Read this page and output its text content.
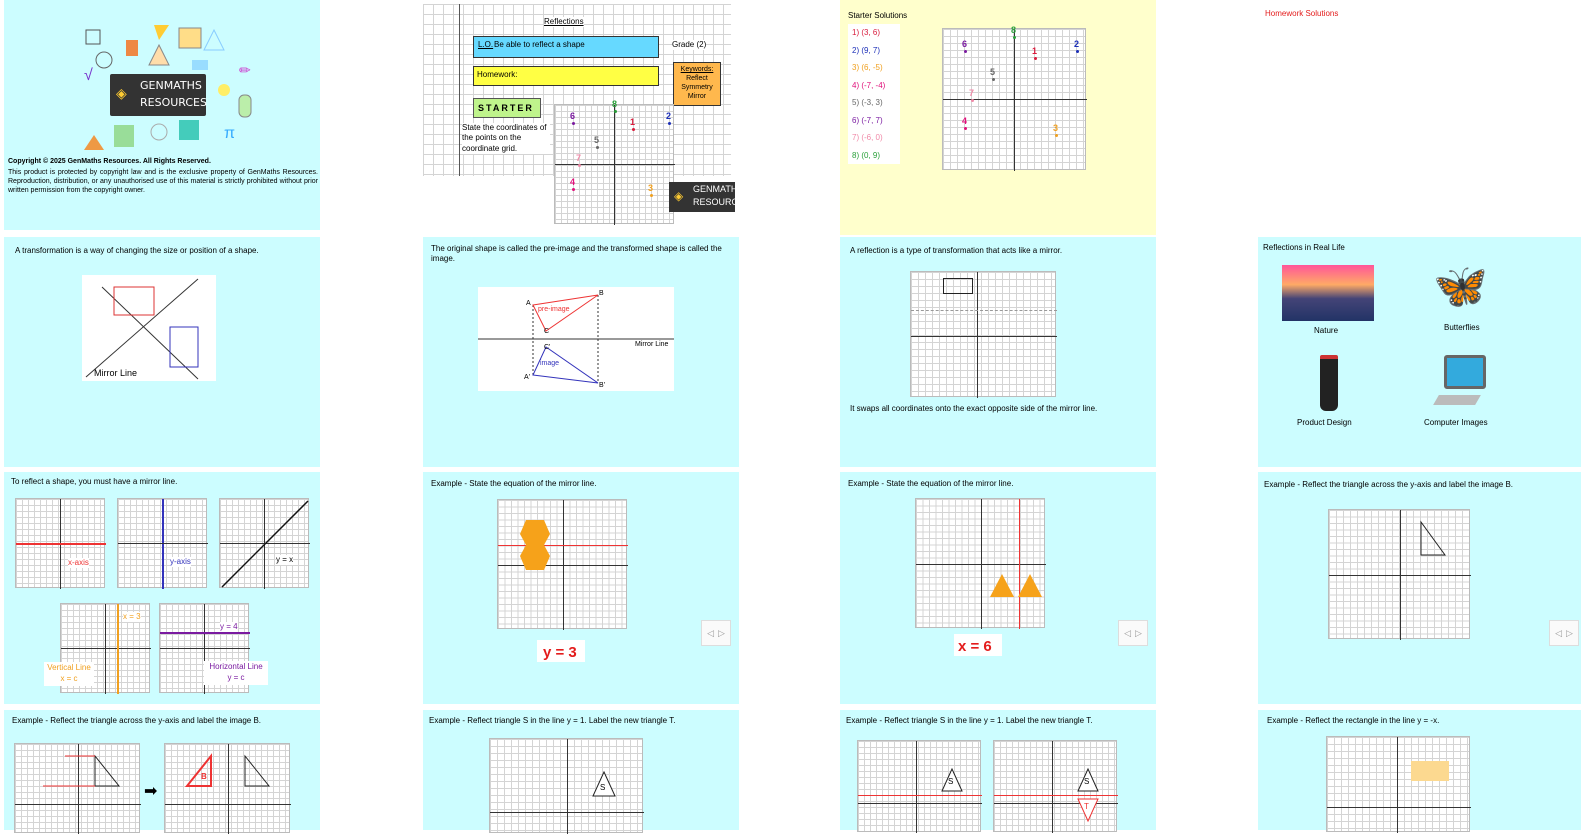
π
√	✏
GENMATHS
RESOURCES
◈
Copyright © 2025 GenMaths Resources. All Rights Reserved.
This product is protected by copyright law and is the exclusive property of GenMaths Resources. Reproduction, distribution, or any unauthorised use of this material is strictly prohibited without prior written permission from the copyright owner.
Reflections
L.O. Be able to reflect a shape	Grade (2)
Homework:
Keywords:
Reflect
Symmetry
Mirror
STARTER
State the coordinates of the points on the coordinate grid.
1
2
3
4
5
6
7
8
GENMATHS
RESOURCES
◈
Starter Solutions
1) (3, 6)
2) (9, 7)
3) (6, -5)
4) (-7, -4)
5) (-3, 3)
6) (-7, 7)
7) (-6, 0)
8) (0, 9)
1
2
3
4
5
6
7
8
Homework Solutions
A transformation is a way of changing the size or position of a shape.
Mirror Line
The original shape is called the pre-image and the transformed shape is called the image.
A
B
C
A'
B'
C'
pre-image
image
Mirror Line
A reflection is a type of transformation that acts like a mirror.
It swaps all coordinates onto the exact opposite side of the mirror line.
Reflections in Real Life
Nature
🦋
Butterflies
Product Design	Computer Images
To reflect a shape, you must have a mirror line.
x-axis	y-axis	y = x
x = 3
y = 4
Vertical Line
x = c
Horizontal Line
y = c
Example - State the equation of the mirror line.
y = 3
◁ ▷
Example - State the equation of the mirror line.
x = 6
◁ ▷
Example - Reflect the triangle across the y-axis and label the image B.
◁ ▷
Example - Reflect the triangle across the y-axis and label the image B.
➡
B
Example - Reflect triangle S in the line y = 1. Label the new triangle T.
S
Example - Reflect triangle S in the line y = 1. Label the new triangle T.
S	S
T
Example - Reflect the rectangle in the line y = -x.
